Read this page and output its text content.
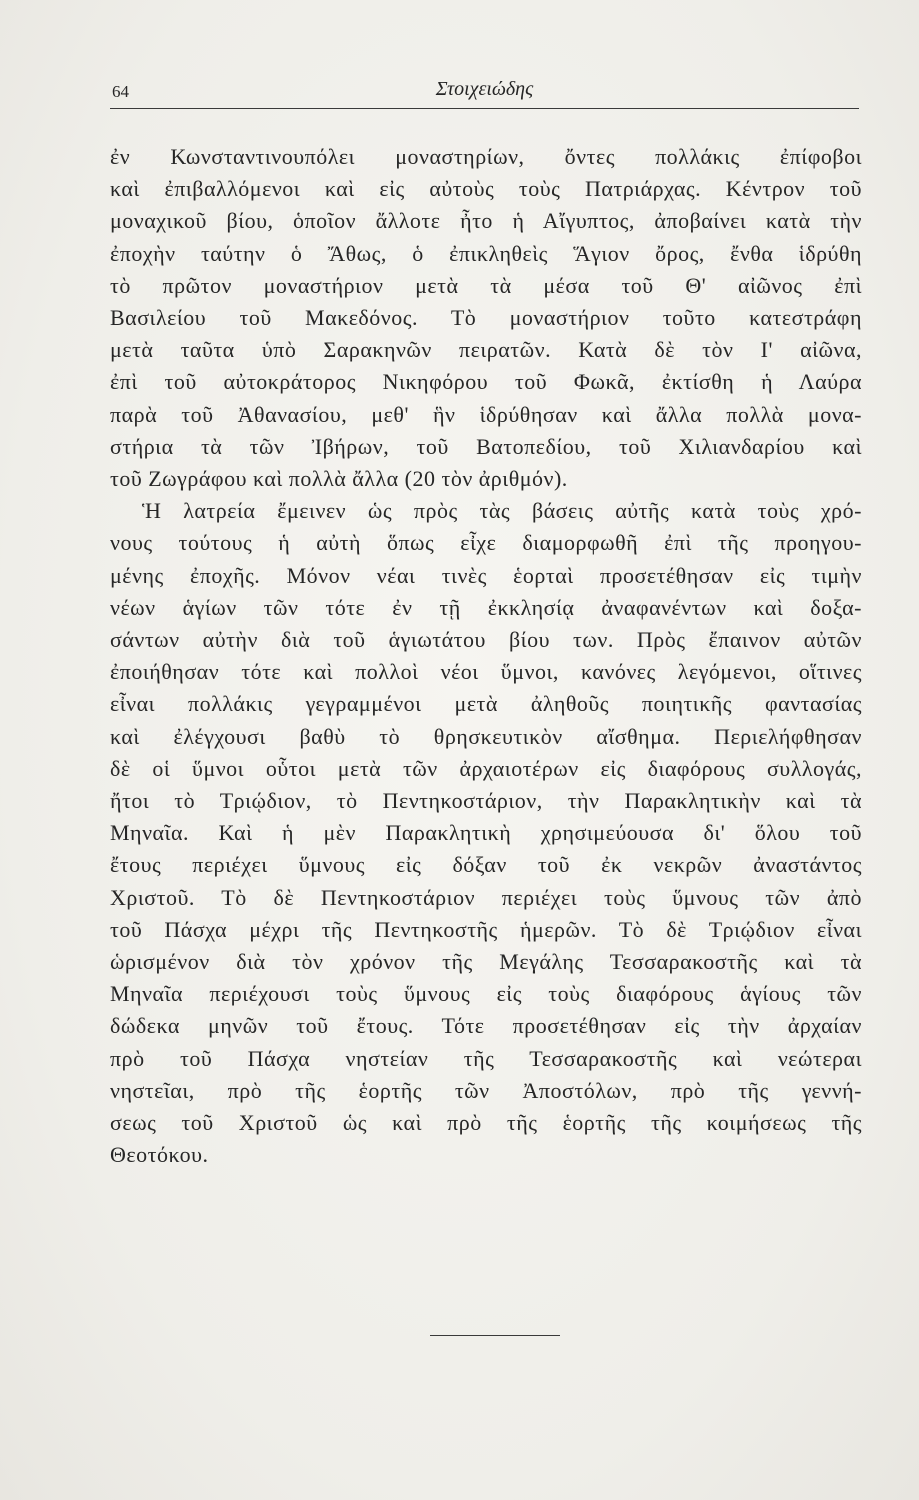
64	Στοιχειώδης
ἐν Κωνσταντινουπόλει μοναστηρίων, ὄντες πολλάκις ἐπίφοβοι
καὶ ἐπιβαλλόμενοι καὶ εἰς αὐτοὺς τοὺς Πατριάρχας. Κέντρον τοῦ
μοναχικοῦ βίου, ὁποῖον ἄλλοτε ἦτο ἡ Αἴγυπτος, ἀποβαίνει κατὰ τὴν
ἐποχὴν ταύτην ὁ Ἄθως, ὁ ἐπικληθεὶς Ἅγιον ὄρος, ἔνθα ἱδρύθη
τὸ πρῶτον μοναστήριον μετὰ τὰ μέσα τοῦ Θ' αἰῶνος ἐπὶ
Βασιλείου τοῦ Μακεδόνος. Τὸ μοναστήριον τοῦτο κατεστράφη
μετὰ ταῦτα ὑπὸ Σαρακηνῶν πειρατῶν. Κατὰ δὲ τὸν Ι' αἰῶνα,
ἐπὶ τοῦ αὐτοκράτορος Νικηφόρου τοῦ Φωκᾶ, ἐκτίσθη ἡ Λαύρα
παρὰ τοῦ Ἀθανασίου, μεθ' ἣν ἱδρύθησαν καὶ ἄλλα πολλὰ μονα-
στήρια τὰ τῶν Ἰβήρων, τοῦ Βατοπεδίου, τοῦ Χιλιανδαρίου καὶ
τοῦ Ζωγράφου καὶ πολλὰ ἄλλα (20 τὸν ἀριθμόν).
Ἡ λατρεία ἔμεινεν ὡς πρὸς τὰς βάσεις αὐτῆς κατὰ τοὺς χρό-
νους τούτους ἡ αὐτὴ ὅπως εἶχε διαμορφωθῆ ἐπὶ τῆς προηγου-
μένης ἐποχῆς. Μόνον νέαι τινὲς ἑορταὶ προσετέθησαν εἰς τιμὴν
νέων ἁγίων τῶν τότε ἐν τῇ ἐκκλησίᾳ ἀναφανέντων καὶ δοξα-
σάντων αὐτὴν διὰ τοῦ ἁγιωτάτου βίου των. Πρὸς ἔπαινον αὐτῶν
ἐποιήθησαν τότε καὶ πολλοὶ νέοι ὕμνοι, κανόνες λεγόμενοι, οἵτινες
εἶναι πολλάκις γεγραμμένοι μετὰ ἀληθοῦς ποιητικῆς φαντασίας
καὶ ἐλέγχουσι βαθὺ τὸ θρησκευτικὸν αἴσθημα. Περιελήφθησαν
δὲ οἱ ὕμνοι οὗτοι μετὰ τῶν ἀρχαιοτέρων εἰς διαφόρους συλλογάς,
ἤτοι τὸ Τριῴδιον, τὸ Πεντηκοστάριον, τὴν Παρακλητικὴν καὶ τὰ
Μηναῖα. Καὶ ἡ μὲν Παρακλητικὴ χρησιμεύουσα δι' ὅλου τοῦ
ἔτους περιέχει ὕμνους εἰς δόξαν τοῦ ἐκ νεκρῶν ἀναστάντος
Χριστοῦ. Τὸ δὲ Πεντηκοστάριον περιέχει τοὺς ὕμνους τῶν ἀπὸ
τοῦ Πάσχα μέχρι τῆς Πεντηκοστῆς ἡμερῶν. Τὸ δὲ Τριῴδιον εἶναι
ὡρισμένον διὰ τὸν χρόνον τῆς Μεγάλης Τεσσαρακοστῆς καὶ τὰ
Μηναῖα περιέχουσι τοὺς ὕμνους εἰς τοὺς διαφόρους ἁγίους τῶν
δώδεκα μηνῶν τοῦ ἔτους. Τότε προσετέθησαν εἰς τὴν ἀρχαίαν
πρὸ τοῦ Πάσχα νηστείαν τῆς Τεσσαρακοστῆς καὶ νεώτεραι
νηστεῖαι, πρὸ τῆς ἑορτῆς τῶν Ἀποστόλων, πρὸ τῆς γεννή-
σεως τοῦ Χριστοῦ ὡς καὶ πρὸ τῆς ἑορτῆς τῆς κοιμήσεως τῆς
Θεοτόκου.
